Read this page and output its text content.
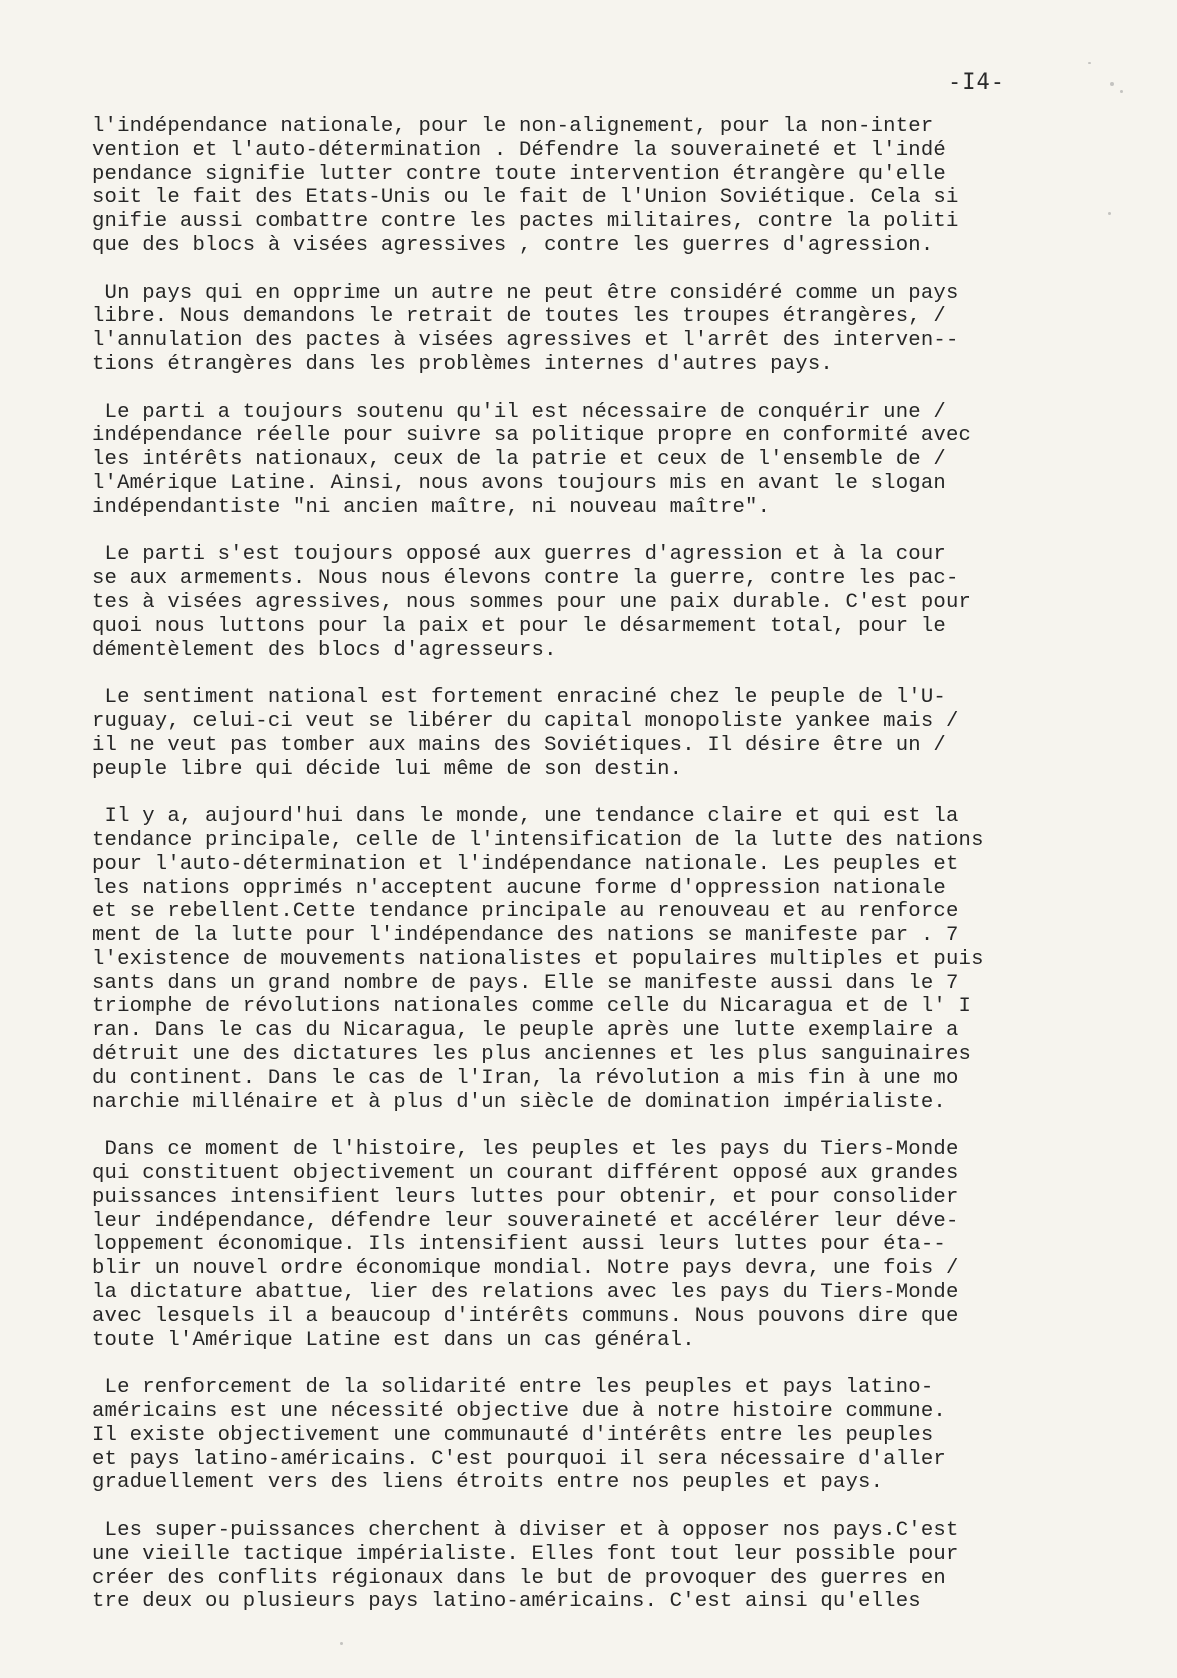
-I4-
l'indépendance nationale, pour le non-alignement, pour la non-inter
vention et l'auto-détermination . Défendre la souveraineté et l'indé
pendance signifie lutter contre toute intervention étrangère qu'elle
soit le fait des Etats-Unis ou le fait de l'Union Soviétique. Cela si
gnifie aussi combattre contre les pactes militaires, contre la politi
que des blocs à visées agressives , contre les guerres d'agression.
Un pays qui en opprime un autre ne peut être considéré comme un pays
libre. Nous demandons le retrait de toutes les troupes étrangères, /
l'annulation des pactes à visées agressives et l'arrêt des interven--
tions étrangères dans les problèmes internes d'autres pays.
Le parti a toujours soutenu qu'il est nécessaire de conquérir une /
indépendance réelle pour suivre sa politique propre en conformité avec
les intérêts nationaux, ceux de la patrie et ceux de l'ensemble de /
l'Amérique Latine. Ainsi, nous avons toujours mis en avant le slogan
indépendantiste "ni ancien maître, ni nouveau maître".
Le parti s'est toujours opposé aux guerres d'agression et à la cour
se aux armements. Nous nous élevons contre la guerre, contre les pac-
tes à visées agressives, nous sommes pour une paix durable. C'est pour
quoi nous luttons pour la paix et pour le désarmement total, pour le
démentèlement des blocs d'agresseurs.
Le sentiment national est fortement enraciné chez le peuple de l'U-
ruguay, celui-ci veut se libérer du capital monopoliste yankee mais /
il ne veut pas tomber aux mains des Soviétiques. Il désire être un /
peuple libre qui décide lui même de son destin.
Il y a, aujourd'hui dans le monde, une tendance claire et qui est la
tendance principale, celle de l'intensification de la lutte des nations
pour l'auto-détermination et l'indépendance nationale. Les peuples et
les nations opprimés n'acceptent aucune forme d'oppression nationale
et se rebellent.Cette tendance principale au renouveau et au renforce
ment de la lutte pour l'indépendance des nations se manifeste par . 7
l'existence de mouvements nationalistes et populaires multiples et puis
sants dans un grand nombre de pays. Elle se manifeste aussi dans le 7
triomphe de révolutions nationales comme celle du Nicaragua et de l' I
ran. Dans le cas du Nicaragua, le peuple après une lutte exemplaire a
détruit une des dictatures les plus anciennes et les plus sanguinaires
du continent. Dans le cas de l'Iran, la révolution a mis fin à une mo
narchie millénaire et à plus d'un siècle de domination impérialiste.
Dans ce moment de l'histoire, les peuples et les pays du Tiers-Monde
qui constituent objectivement un courant différent opposé aux grandes
puissances intensifient leurs luttes pour obtenir, et pour consolider
leur indépendance, défendre leur souveraineté et accélérer leur déve-
loppement économique. Ils intensifient aussi leurs luttes pour éta--
blir un nouvel ordre économique mondial. Notre pays devra, une fois /
la dictature abattue, lier des relations avec les pays du Tiers-Monde
avec lesquels il a beaucoup d'intérêts communs. Nous pouvons dire que
toute l'Amérique Latine est dans un cas général.
Le renforcement de la solidarité entre les peuples et pays latino-
américains est une nécessité objective due à notre histoire commune.
Il existe objectivement une communauté d'intérêts entre les peuples
et pays latino-américains. C'est pourquoi il sera nécessaire d'aller
graduellement vers des liens étroits entre nos peuples et pays.
Les super-puissances cherchent à diviser et à opposer nos pays.C'est
une vieille tactique impérialiste. Elles font tout leur possible pour
créer des conflits régionaux dans le but de provoquer des guerres en
tre deux ou plusieurs pays latino-américains. C'est ainsi qu'elles
